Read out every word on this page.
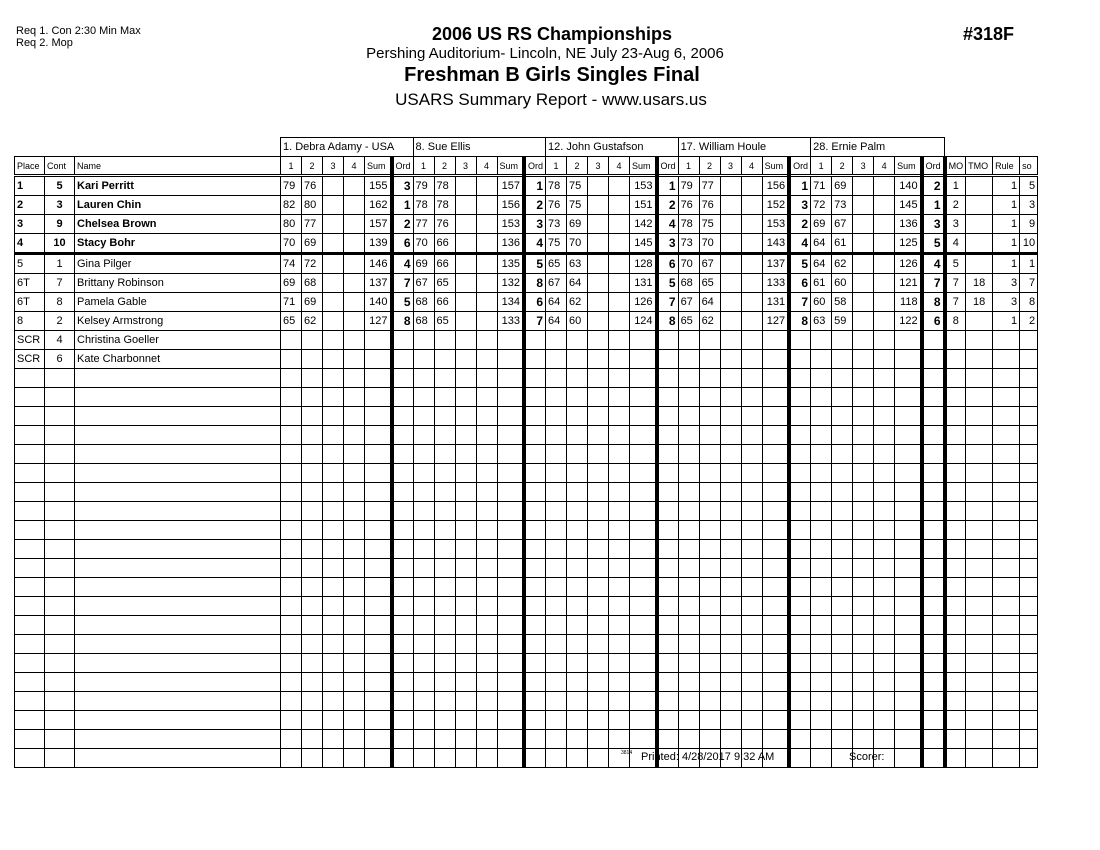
Req 1. Con 2:30 Min Max
Req 2. Mop	2006 US RS Championships
Pershing Auditorium- Lincoln, NE July 23-Aug 6, 2006
Freshman B Girls Singles Final
USARS Summary Report - www.usars.us
#318F
			1. Debra Adamy - USA						8. Sue Ellis						12. John Gustafson						17. William Houle						28. Ernie Palm									
Place	Cont	Name	1	2	3	4	Sum	Ord	1	2	3	4	Sum	Ord	1	2	3	4	Sum	Ord	1	2	3	4	Sum	Ord	1	2	3	4	Sum	Ord	MO	TMO	Rule	so
1	5	Kari Perritt	79	76			155	3	79	78			157	1	78	75			153	1	79	77			156	1	71	69			140	2	1		1	5
2	3	Lauren Chin	82	80			162	1	78	78			156	2	76	75			151	2	76	76			152	3	72	73			145	1	2		1	3
3	9	Chelsea Brown	80	77			157	2	77	76			153	3	73	69			142	4	78	75			153	2	69	67			136	3	3		1	9
4	10	Stacy Bohr	70	69			139	6	70	66			136	4	75	70			145	3	73	70			143	4	64	61			125	5	4		1	10
5	1	Gina Pilger	74	72			146	4	69	66			135	5	65	63			128	6	70	67			137	5	64	62			126	4	5		1	1
6T	7	Brittany Robinson	69	68			137	7	67	65			132	8	67	64			131	5	68	65			133	6	61	60			121	7	7	18	3	7
6T	8	Pamela Gable	71	69			140	5	68	66			134	6	64	62			126	7	67	64			131	7	60	58			118	8	7	18	3	8
8	2	Kelsey Armstrong	65	62			127	8	68	65			133	7	64	60			124	8	65	62			127	8	63	59			122	6	8		1	2
SCR	4	Christina Goeller																																		
SCR	6	Kate Charbonnet																																		

3814 Printed: 4/28/2017 9:32 AM	Scorer:
